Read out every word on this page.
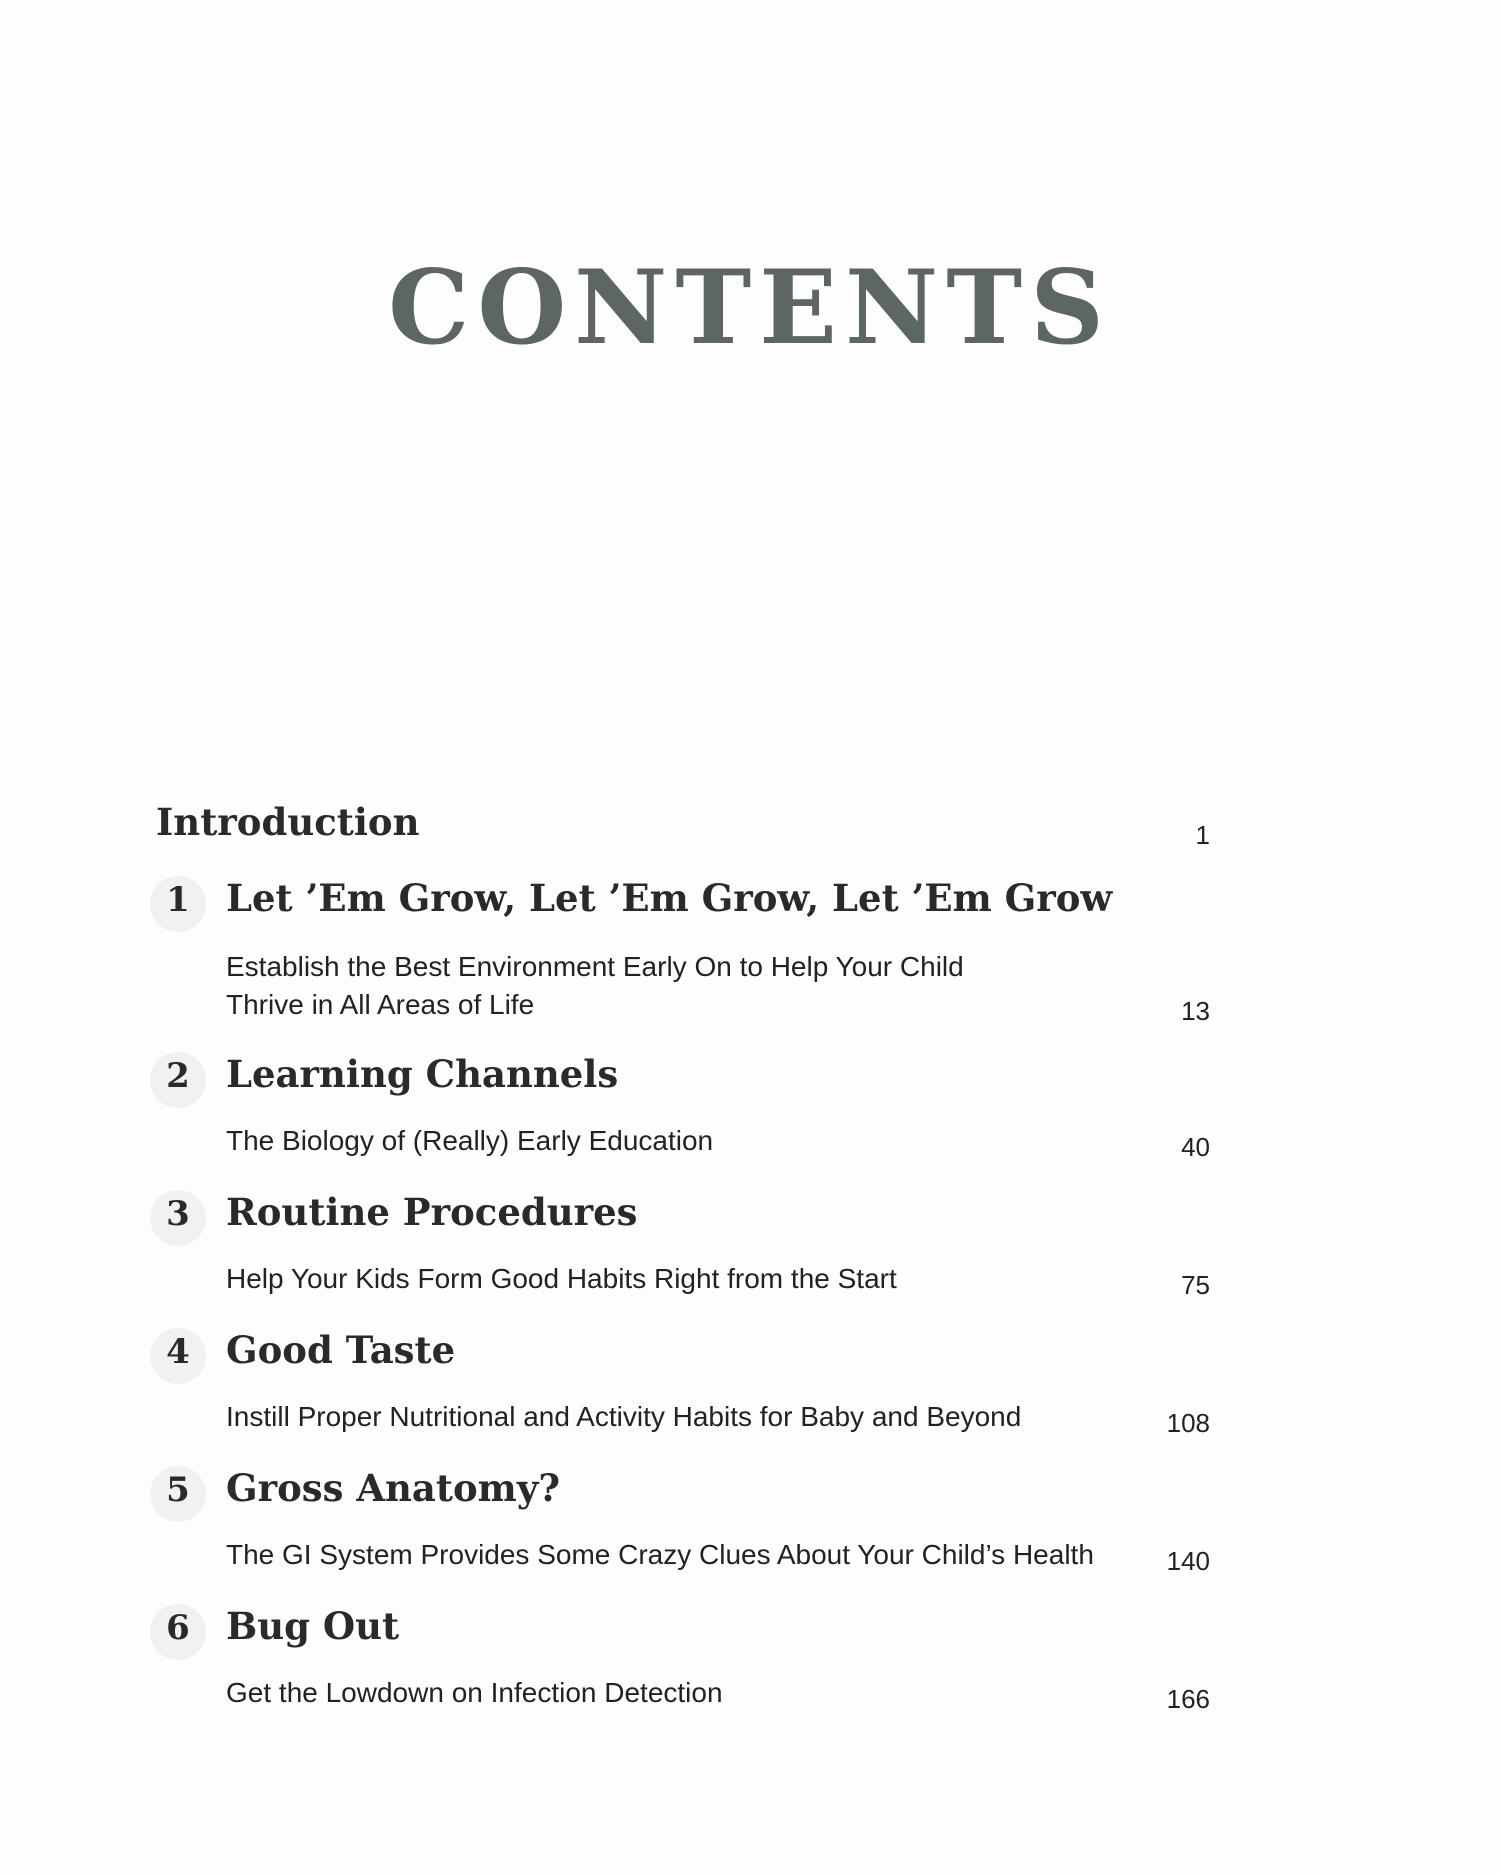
CONTENTS
Introduction	1
1 Let ’Em Grow, Let ’Em Grow, Let ’Em Grow
Establish the Best Environment Early On to Help Your Child
Thrive in All Areas of Life	13
2 Learning Channels
The Biology of (Really) Early Education	40
3 Routine Procedures
Help Your Kids Form Good Habits Right from the Start	75
4 Good Taste
Instill Proper Nutritional and Activity Habits for Baby and Beyond	108
5 Gross Anatomy?
The GI System Provides Some Crazy Clues About Your Child’s Health	140
6 Bug Out
Get the Lowdown on Infection Detection	166
